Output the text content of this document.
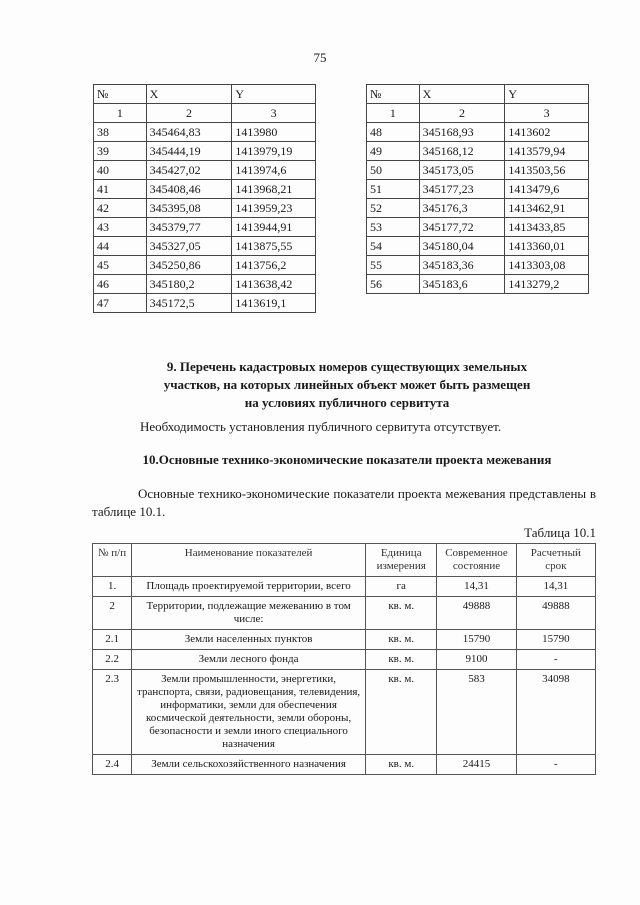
75
№	X	Y
1	2	3
38	345464,83	1413980
39	345444,19	1413979,19
40	345427,02	1413974,6
41	345408,46	1413968,21
42	345395,08	1413959,23
43	345379,77	1413944,91
44	345327,05	1413875,55
45	345250,86	1413756,2
46	345180,2	1413638,42
47	345172,5	1413619,1
№	X	Y
1	2	3
48	345168,93	1413602
49	345168,12	1413579,94
50	345173,05	1413503,56
51	345177,23	1413479,6
52	345176,3	1413462,91
53	345177,72	1413433,85
54	345180,04	1413360,01
55	345183,36	1413303,08
56	345183,6	1413279,2
9. Перечень кадастровых номеров существующих земельных
участков, на которых линейных объект может быть размещен
на условиях публичного сервитута
Необходимость установления публичного сервитута отсутствует.
10.Основные технико-экономические показатели проекта межевания
Основные технико-экономические показатели проекта межевания представлены в таблице 10.1.
Таблица 10.1
№ п/п	Наименование показателей	Единица измерения	Современное состояние	Расчетный срок
1.	Площадь проектируемой территории, всего	га	14,31	14,31
2	Территории, подлежащие межеванию в том числе:	кв. м.	49888	49888
2.1	Земли населенных пунктов	кв. м.	15790	15790
2.2	Земли лесного фонда	кв. м.	9100	-
2.3	Земли промышленности, энергетики, транспорта, связи, радиовещания, телевидения, информатики, земли для обеспечения космической деятельности, земли обороны, безопасности и земли иного специального назначения	кв. м.	583	34098
2.4	Земли сельскохозяйственного назначения	кв. м.	24415	-
